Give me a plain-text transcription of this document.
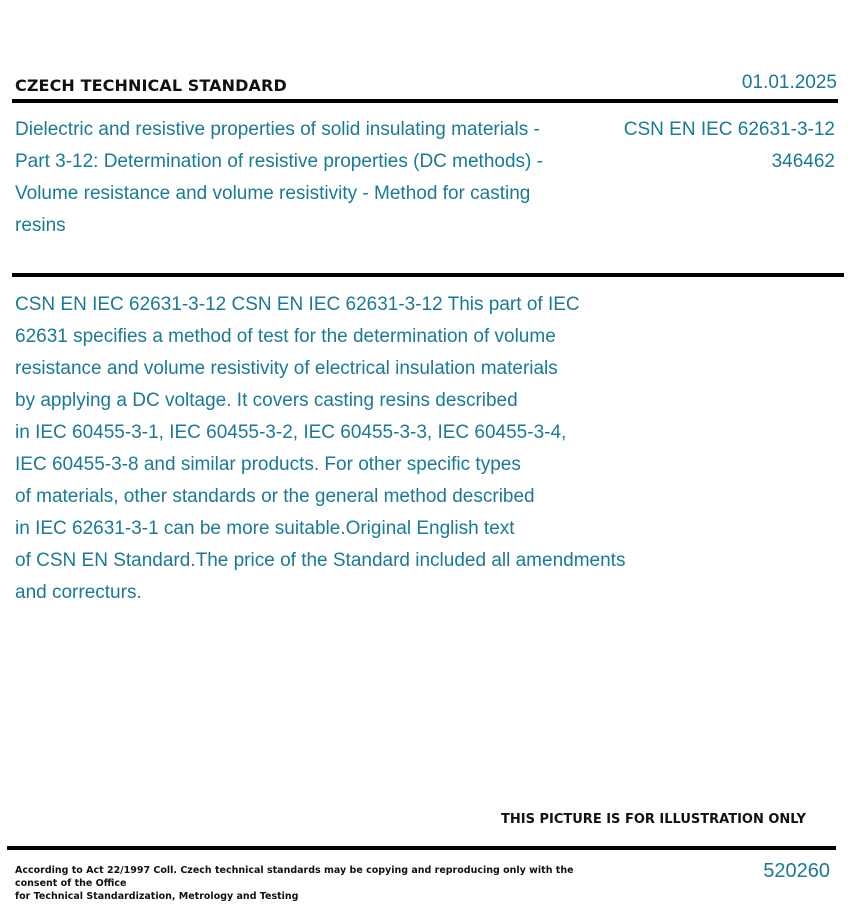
CZECH TECHNICAL STANDARD	01.01.2025
Dielectric and resistive properties of solid insulating materials - Part 3-12: Determination of resistive properties (DC methods) - Volume resistance and volume resistivity - Method for casting resins
CSN EN IEC 62631-3-12
346462
CSN EN IEC 62631-3-12 CSN EN IEC 62631-3-12 This part of IEC
62631 specifies a method of test for the determination of volume
resistance and volume resistivity of electrical insulation materials
by applying a DC voltage. It covers casting resins described
in IEC 60455-3-1, IEC 60455-3-2, IEC 60455-3-3, IEC 60455-3-4,
IEC 60455-3-8 and similar products. For other specific types
of materials, other standards or the general method described
in IEC 62631-3-1 can be more suitable.Original English text
of CSN EN Standard.The price of the Standard included all amendments
and correcturs.
THIS PICTURE IS FOR ILLUSTRATION ONLY
According to Act 22/1997 Coll. Czech technical standards may be copying and reproducing only with the consent of the Office
for Technical Standardization, Metrology and Testing
520260
